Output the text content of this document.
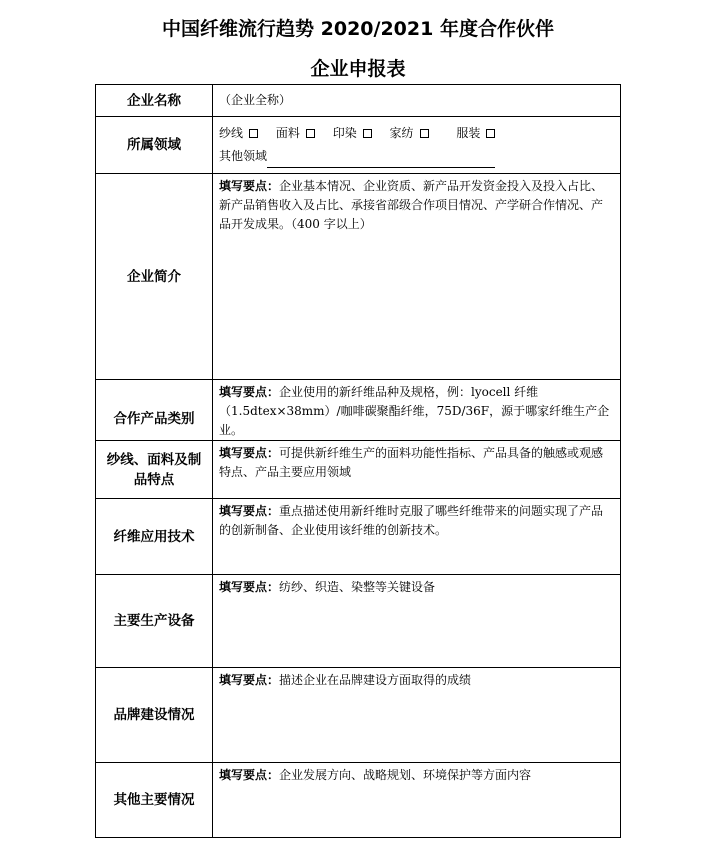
中国纤维流行趋势 2020/2021 年度合作伙伴
企业申报表
企业名称	（企业全称）
所属领域	纱线 面料 印染 家纺 服装
其他领域

企业简介	填写要点：企业基本情况、企业资质、新产品开发资金投入及投入占比、新产品销售收入及占比、承接省部级合作项目情况、产学研合作情况、产品开发成果。（400 字以上）
合作产品类别	填写要点：企业使用的新纤维品种及规格，例：lyocell 纤维（1.5dtex×38mm）/咖啡碳聚酯纤维，75D/36F，源于哪家纤维生产企业。
纱线、面料及制品特点	填写要点：可提供新纤维生产的面料功能性指标、产品具备的触感或观感特点、产品主要应用领域
纤维应用技术	填写要点：重点描述使用新纤维时克服了哪些纤维带来的问题实现了产品的创新制备、企业使用该纤维的创新技术。
主要生产设备	填写要点：纺纱、织造、染整等关键设备
品牌建设情况	填写要点：描述企业在品牌建设方面取得的成绩
其他主要情况	填写要点：企业发展方向、战略规划、环境保护等方面内容
